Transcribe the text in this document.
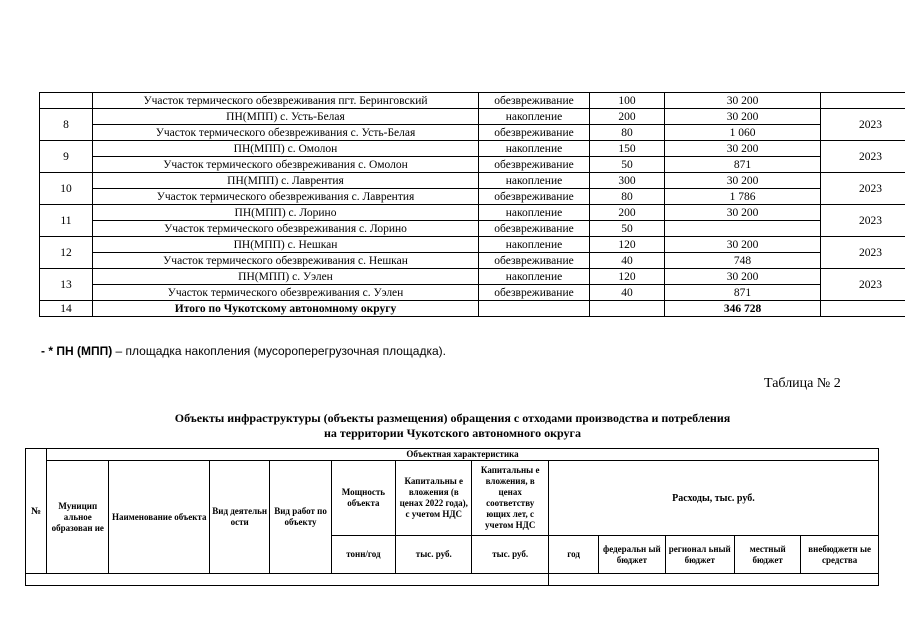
	Участок термического обезвреживания пгт. Беринговский	обезвреживание	100	30 200	
8	ПН(МПП) с. Усть-Белая	накопление	200	30 200	2023
	Участок термического обезвреживания с. Усть-Белая	обезвреживание	80	1 060	
9	ПН(МПП) с. Омолон	накопление	150	30 200	2023
	Участок термического обезвреживания с. Омолон	обезвреживание	50	871	
10	ПН(МПП) с. Лаврентия	накопление	300	30 200	2023
	Участок термического обезвреживания с. Лаврентия	обезвреживание	80	1 786	
11	ПН(МПП) с. Лорино	накопление	200	30 200	2023
	Участок термического обезвреживания с. Лорино	обезвреживание	50		
12	ПН(МПП) с. Нешкан	накопление	120	30 200	2023
	Участок термического обезвреживания с. Нешкан	обезвреживание	40	748	
13	ПН(МПП) с. Уэлен	накопление	120	30 200	2023
	Участок термического обезвреживания с. Уэлен	обезвреживание	40	871	
14	Итого по Чукотскому автономному округу			346 728	
- * ПН (МПП) – площадка накопления (мусороперегрузочная площадка).
Таблица № 2
Объекты инфраструктуры (объекты размещения) обращения с отходами производства и потребления
на территории Чукотского автономного округа
№	Объектная характеристика											
	Муницип альное образован ие	Наименование объекта	Вид деятельн ости	Вид работ по объекту	Мощность объекта	Капитальны е вложения (в ценах 2022 года), с учетом НДС	Капитальны е вложения, в ценах соответству ющих лет, с учетом НДС	Расходы, тыс. руб.				
					тонн/год	тыс. руб.	тыс. руб.	год	федеральн ый бюджет	регионал ьный бюджет	местный бюджет	внебюджетн ые средства
